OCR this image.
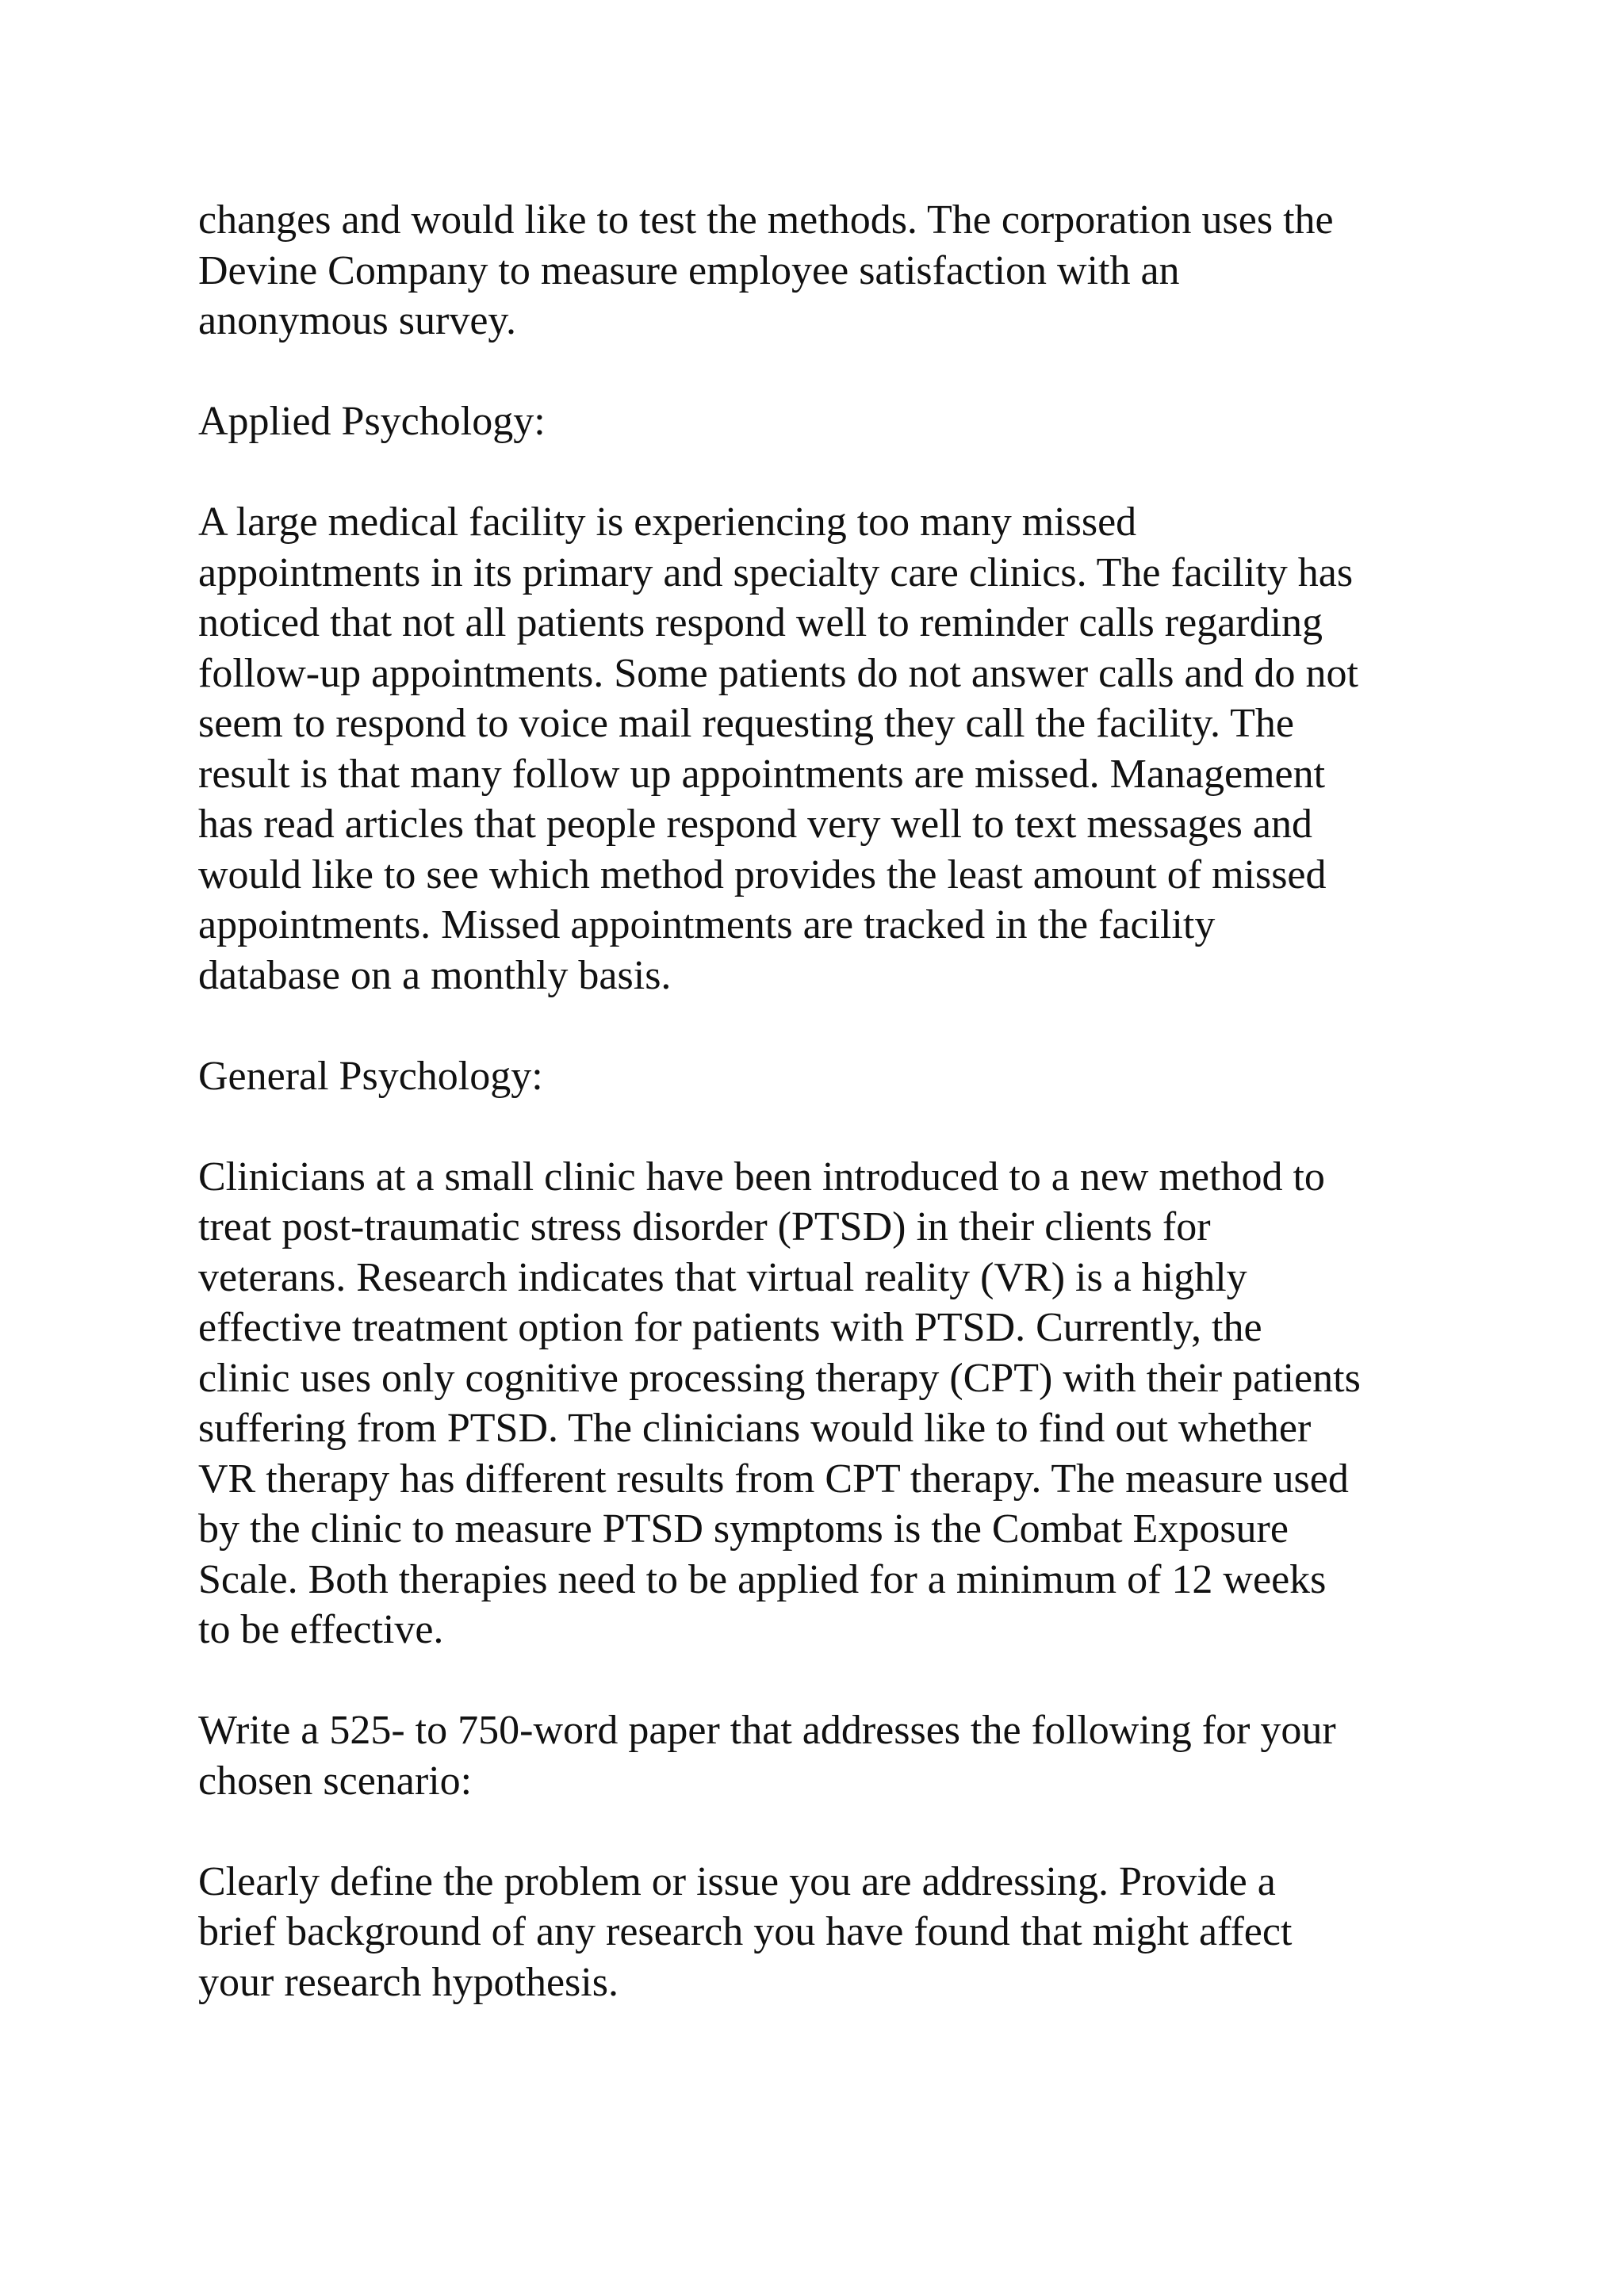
changes and would like to test the methods. The corporation uses the
Devine Company to measure employee satisfaction with an
anonymous survey.

Applied Psychology:

A large medical facility is experiencing too many missed
appointments in its primary and specialty care clinics. The facility has
noticed that not all patients respond well to reminder calls regarding
follow-up appointments. Some patients do not answer calls and do not
seem to respond to voice mail requesting they call the facility. The
result is that many follow up appointments are missed. Management
has read articles that people respond very well to text messages and
would like to see which method provides the least amount of missed
appointments. Missed appointments are tracked in the facility
database on a monthly basis.

General Psychology:

Clinicians at a small clinic have been introduced to a new method to
treat post-traumatic stress disorder (PTSD) in their clients for
veterans. Research indicates that virtual reality (VR) is a highly
effective treatment option for patients with PTSD. Currently, the
clinic uses only cognitive processing therapy (CPT) with their patients
suffering from PTSD. The clinicians would like to find out whether
VR therapy has different results from CPT therapy. The measure used
by the clinic to measure PTSD symptoms is the Combat Exposure
Scale. Both therapies need to be applied for a minimum of 12 weeks
to be effective.

Write a 525- to 750-word paper that addresses the following for your
chosen scenario:

Clearly define the problem or issue you are addressing. Provide a
brief background of any research you have found that might affect
your research hypothesis.
